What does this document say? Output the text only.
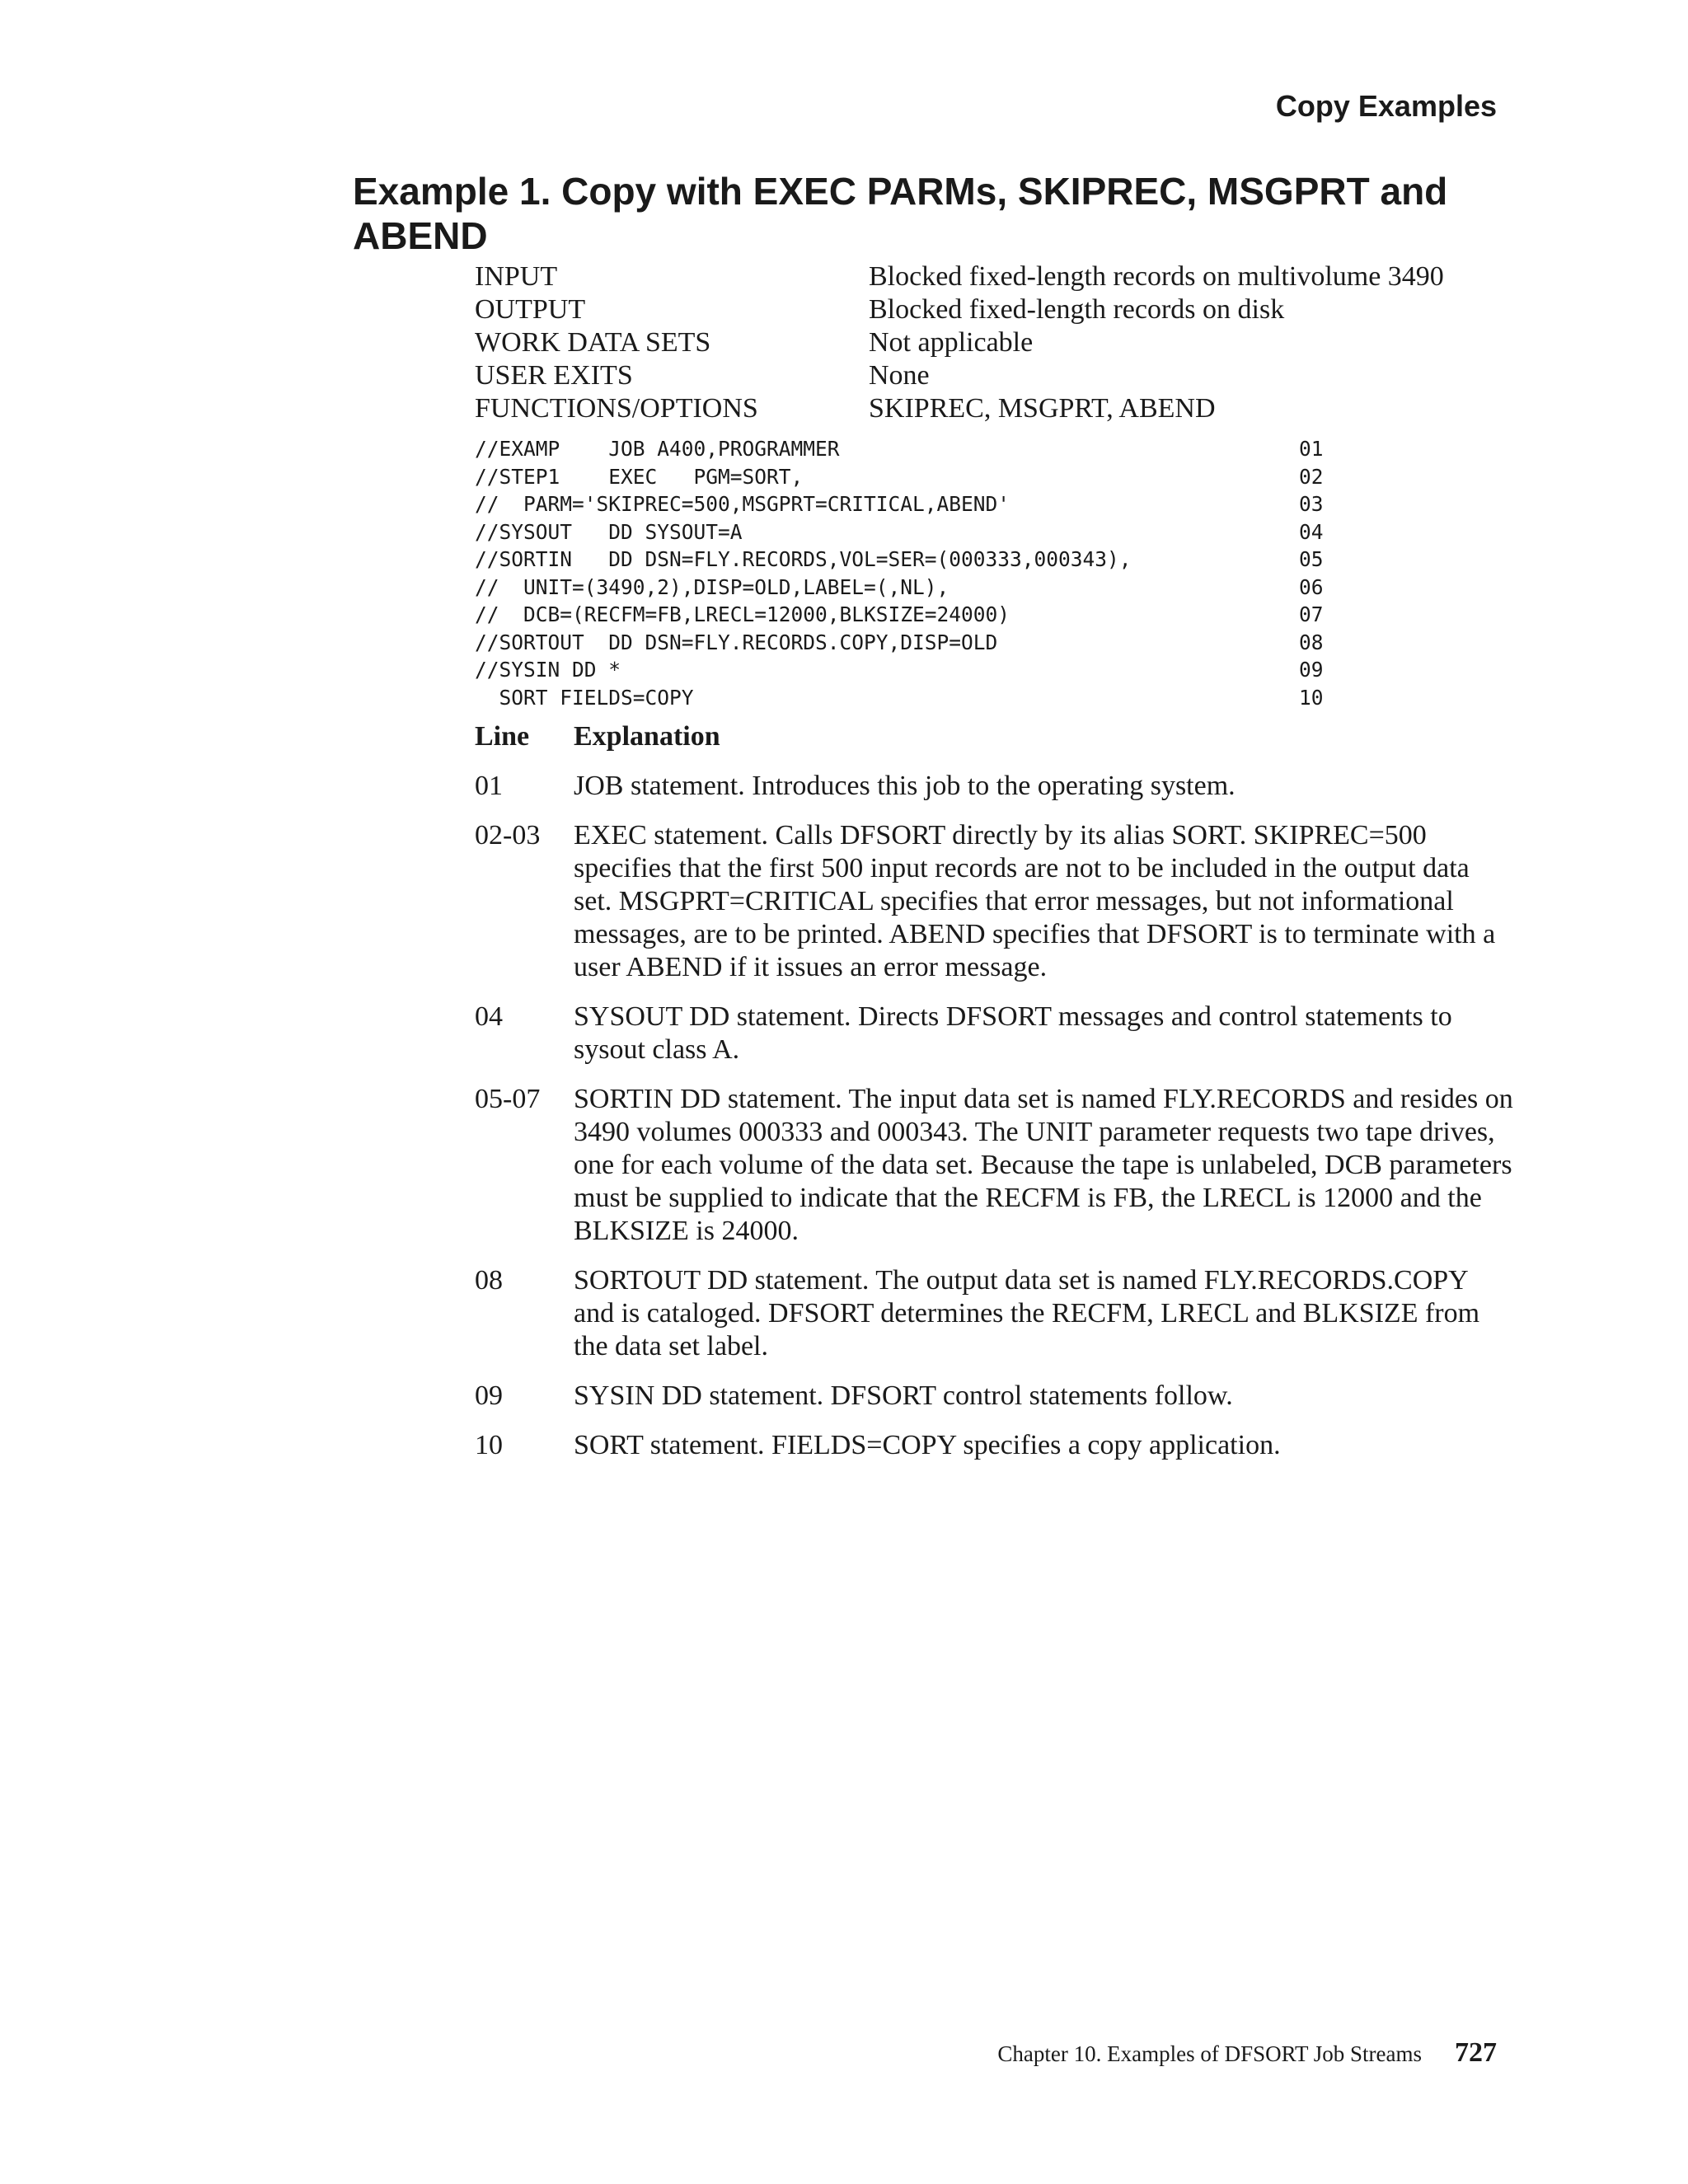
Copy Examples
Example 1. Copy with EXEC PARMs, SKIPREC, MSGPRT and ABEND
INPUT	Blocked fixed-length records on multivolume 3490
OUTPUT	Blocked fixed-length records on disk
WORK DATA SETS	Not applicable
USER EXITS	None
FUNCTIONS/OPTIONS	SKIPREC, MSGPRT, ABEND
//EXAMP    JOB A400,PROGRAMMER	01
//STEP1    EXEC   PGM=SORT,	02
//  PARM='SKIPREC=500,MSGPRT=CRITICAL,ABEND'	03
//SYSOUT   DD SYSOUT=A	04
//SORTIN   DD DSN=FLY.RECORDS,VOL=SER=(000333,000343),	05
//  UNIT=(3490,2),DISP=OLD,LABEL=(,NL),	06
//  DCB=(RECFM=FB,LRECL=12000,BLKSIZE=24000)	07
//SORTOUT  DD DSN=FLY.RECORDS.COPY,DISP=OLD	08
//SYSIN DD *	09
SORT FIELDS=COPY	10
Line	Explanation
01	JOB statement. Introduces this job to the operating system.
02-03	EXEC statement. Calls DFSORT directly by its alias SORT. SKIPREC=500 specifies that the first 500 input records are not to be included in the output data set. MSGPRT=CRITICAL specifies that error messages, but not informational messages, are to be printed. ABEND specifies that DFSORT is to terminate with a user ABEND if it issues an error message.
04	SYSOUT DD statement. Directs DFSORT messages and control statements to sysout class A.
05-07	SORTIN DD statement. The input data set is named FLY.RECORDS and resides on 3490 volumes 000333 and 000343. The UNIT parameter requests two tape drives, one for each volume of the data set. Because the tape is unlabeled, DCB parameters must be supplied to indicate that the RECFM is FB, the LRECL is 12000 and the BLKSIZE is 24000.
08	SORTOUT DD statement. The output data set is named FLY.RECORDS.COPY and is cataloged. DFSORT determines the RECFM, LRECL and BLKSIZE from the data set label.
09	SYSIN DD statement. DFSORT control statements follow.
10	SORT statement. FIELDS=COPY specifies a copy application.
Chapter 10. Examples of DFSORT Job Streams 727
